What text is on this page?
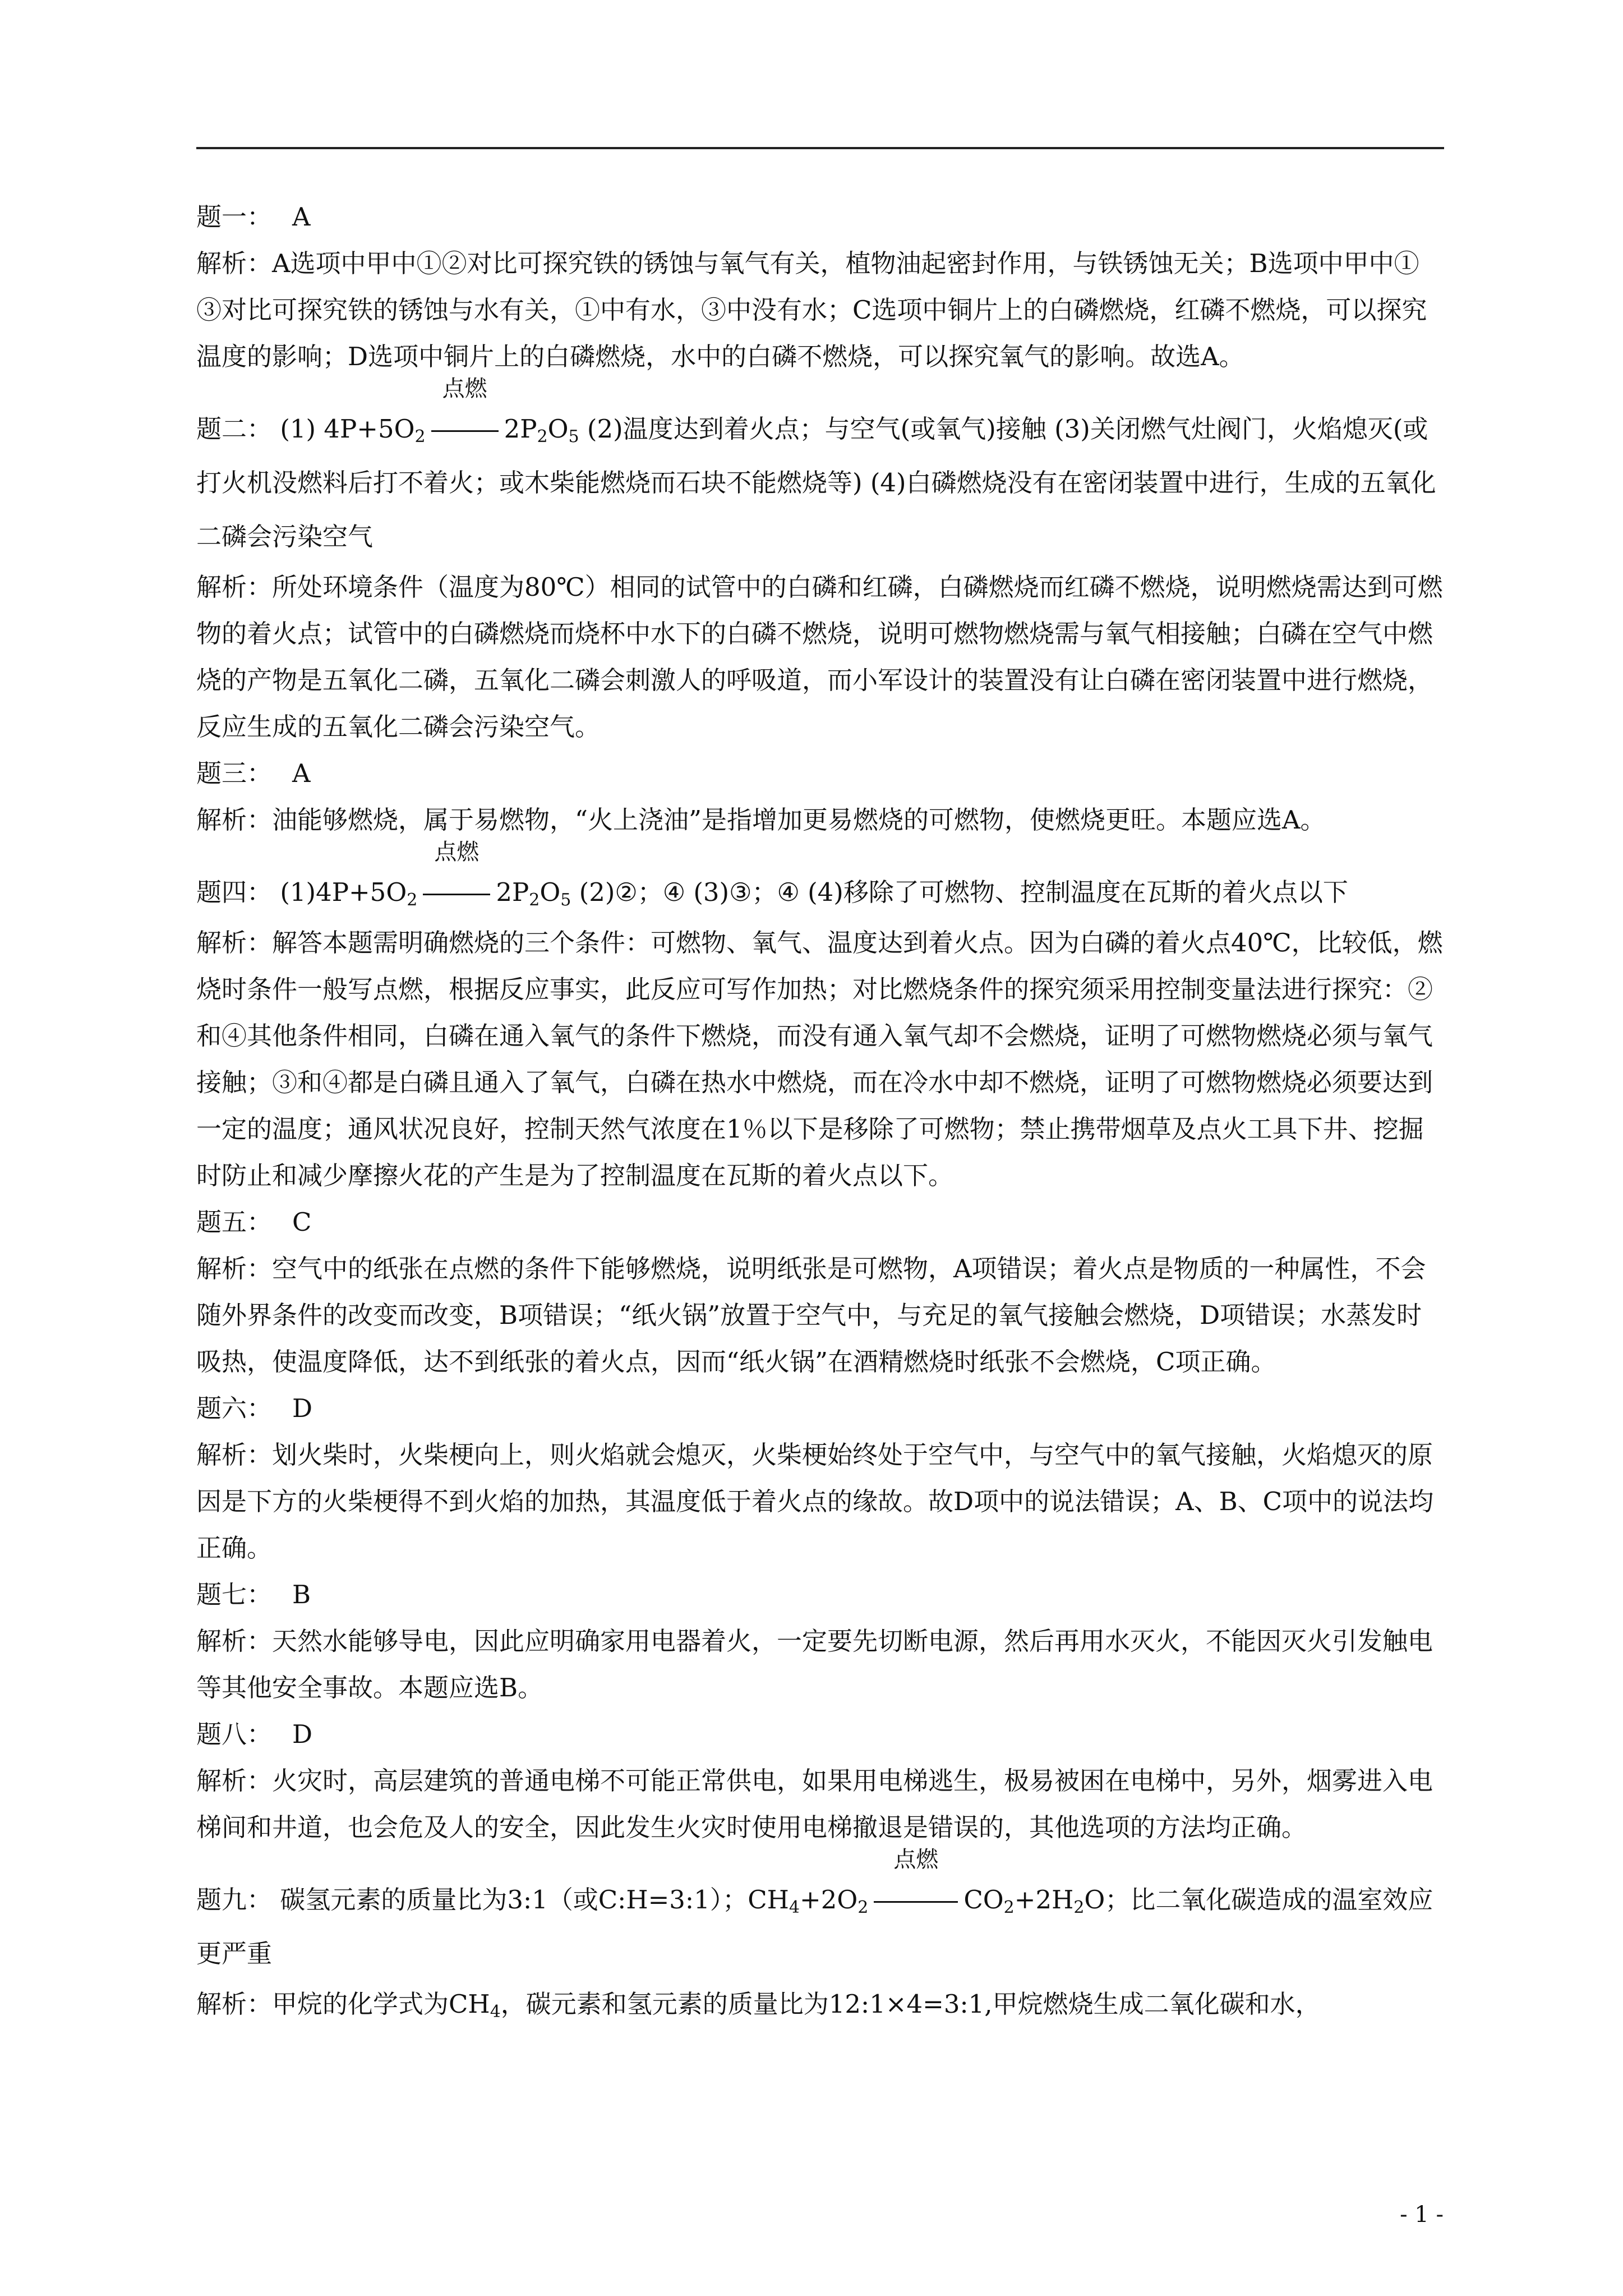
题一： A

解析：A选项中甲中①②对比可探究铁的锈蚀与氧气有关，植物油起密封作用，与铁锈蚀无关；B选项中甲中①③对比可探究铁的锈蚀与水有关，①中有水，③中没有水；C选项中铜片上的白磷燃烧，红磷不燃烧，可以探究温度的影响；D选项中铜片上的白磷燃烧，水中的白磷不燃烧，可以探究氧气的影响。故选A。

题二： (1) $4P+5O_2$
点燃
$2P_2O_5$ (2)温度达到着火点；与空气(或氧气)接触 (3)关闭燃气灶阀门，火焰熄灭(或打火机没燃料后打不着火；或木柴能燃烧而石块不能燃烧等) (4)白磷燃烧没有在密闭装置中进行，生成的五氧化二磷会污染空气

解析：所处环境条件（温度为80℃）相同的试管中的白磷和红磷，白磷燃烧而红磷不燃烧，说明燃烧需达到可燃物的着火点；试管中的白磷燃烧而烧杯中水下的白磷不燃烧，说明可燃物燃烧需与氧气相接触；白磷在空气中燃烧的产物是五氧化二磷，五氧化二磷会刺激人的呼吸道，而小军设计的装置没有让白磷在密闭装置中进行燃烧，反应生成的五氧化二磷会污染空气。

题三： A

解析：油能够燃烧，属于易燃物，“火上浇油”是指增加更易燃烧的可燃物，使燃烧更旺。本题应选A。

题四： $(1)4P+5O_2$
点燃
$2P_2O_5$ (2)②；④ (3)③；④ (4)移除了可燃物、控制温度在瓦斯的着火点以下

解析：解答本题需明确燃烧的三个条件：可燃物、氧气、温度达到着火点。因为白磷的着火点40℃，比较低，燃烧时条件一般写点燃，根据反应事实，此反应可写作加热；对比燃烧条件的探究须采用控制变量法进行探究：②和④其他条件相同，白磷在通入氧气的条件下燃烧，而没有通入氧气却不会燃烧，证明了可燃物燃烧必须与氧气接触；③和④都是白磷且通入了氧气，白磷在热水中燃烧，而在冷水中却不燃烧，证明了可燃物燃烧必须要达到一定的温度；通风状况良好，控制天然气浓度在1％以下是移除了可燃物；禁止携带烟草及点火工具下井、挖掘时防止和减少摩擦火花的产生是为了控制温度在瓦斯的着火点以下。

题五： C

解析：空气中的纸张在点燃的条件下能够燃烧，说明纸张是可燃物，A项错误；着火点是物质的一种属性，不会随外界条件的改变而改变，B项错误；“纸火锅”放置于空气中，与充足的氧气接触会燃烧，D项错误；水蒸发时吸热，使温度降低，达不到纸张的着火点，因而“纸火锅”在酒精燃烧时纸张不会燃烧，C项正确。

题六： D

解析：划火柴时，火柴梗向上，则火焰就会熄灭，火柴梗始终处于空气中，与空气中的氧气接触，火焰熄灭的原因是下方的火柴梗得不到火焰的加热，其温度低于着火点的缘故。故D项中的说法错误；A、B、C项中的说法均正确。

题七： B

解析：天然水能够导电，因此应明确家用电器着火，一定要先切断电源，然后再用水灭火，不能因灭火引发触电等其他安全事故。本题应选B。

题八： D

解析：火灾时，高层建筑的普通电梯不可能正常供电，如果用电梯逃生，极易被困在电梯中，另外，烟雾进入电梯间和井道，也会危及人的安全，因此发生火灾时使用电梯撤退是错误的，其他选项的方法均正确。

题九： 碳氢元素的质量比为3:1（或C:H=3:1）；$CH_4+2O_2$
点燃
$CO_2+2H_2O$；比二氧化碳造成的温室效应更严重

解析：甲烷的化学式为$CH_4$，碳元素和氢元素的质量比为12:1×4=3:1,甲烷燃烧生成二氧化碳和水，

- 1 -
